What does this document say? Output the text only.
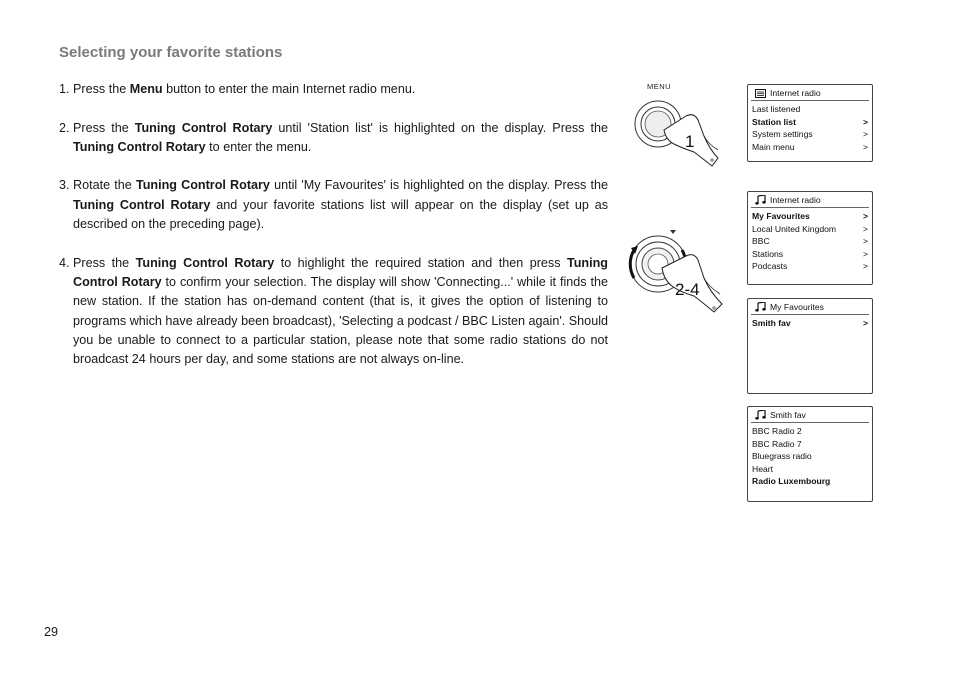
Selecting your favorite stations
1. Press the Menu button to enter the main Internet radio menu.
2. Press the Tuning Control Rotary until 'Station list' is highlighted on the display. Press the Tuning Control Rotary to enter the menu.
3. Rotate the Tuning Control Rotary until 'My Favourites' is highlighted on the display. Press the Tuning Control Rotary and your favorite stations list will appear on the display (set up as described on the preceding page).
4. Press the Tuning Control Rotary to highlight the required station and then press Tuning Control Rotary to confirm your selection. The display will show 'Connecting...' while it finds the new station. If the station has on-demand content (that is, it gives the option of listening to programs which have already been broadcast), 'Selecting a podcast / BBC Listen again'. Should you be unable to connect to a particular station, please note that some radio stations do not broadcast 24 hours per day, and some stations are not always on-line.
29
MENU
1
2-4
Internet radio
Last listened
Station list	>
System settings	>
Main menu	>
Internet radio
My Favourites	>
Local United Kingdom	>
BBC	>
Stations	>
Podcasts	>
My Favourites
Smith fav	>
Smith fav
BBC Radio 2
BBC Radio 7
Bluegrass radio
Heart
Radio Luxembourg
